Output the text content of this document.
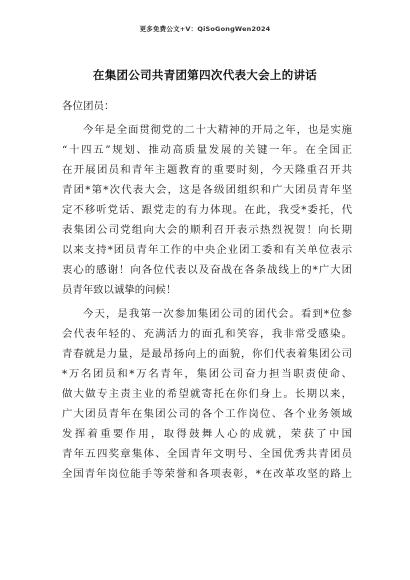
更多免费公文+V：QiSoGongWen2024
在集团公司共青团第四次代表大会上的讲话
各位团员：
今年是全面贯彻党的二十大精神的开局之年，也是实施
“十四五”规划、推动高质量发展的关键一年。在全国正
在开展团员和青年主题教育的重要时刻，今天隆重召开共
青团*第*次代表大会，这是各级团组织和广大团员青年坚
定不移听党话、跟党走的有力体现。在此，我受*委托，代
表集团公司党组向大会的顺利召开表示热烈祝贺！向长期
以来支持*团员青年工作的中央企业团工委和有关单位表示
衷心的感谢！向各位代表以及奋战在各条战线上的*广大团
员青年致以诚挚的问候！
今天，是我第一次参加集团公司的团代会。看到*位参
会代表年轻的、充满活力的面孔和笑容，我非常受感染。
青春就是力量，是最昂扬向上的面貌，你们代表着集团公司
*万名团员和*万名青年，集团公司奋力担当职责使命、
做大做专主责主业的希望就寄托在你们身上。长期以来，
广大团员青年在集团公司的各个工作岗位、各个业务领域
发挥着重要作用，取得鼓舞人心的成就，荣获了中国
青年五四奖章集体、全国青年文明号、全国优秀共青团员
全国青年岗位能手等荣誉和各项表彰，*在改革攻坚的路上
